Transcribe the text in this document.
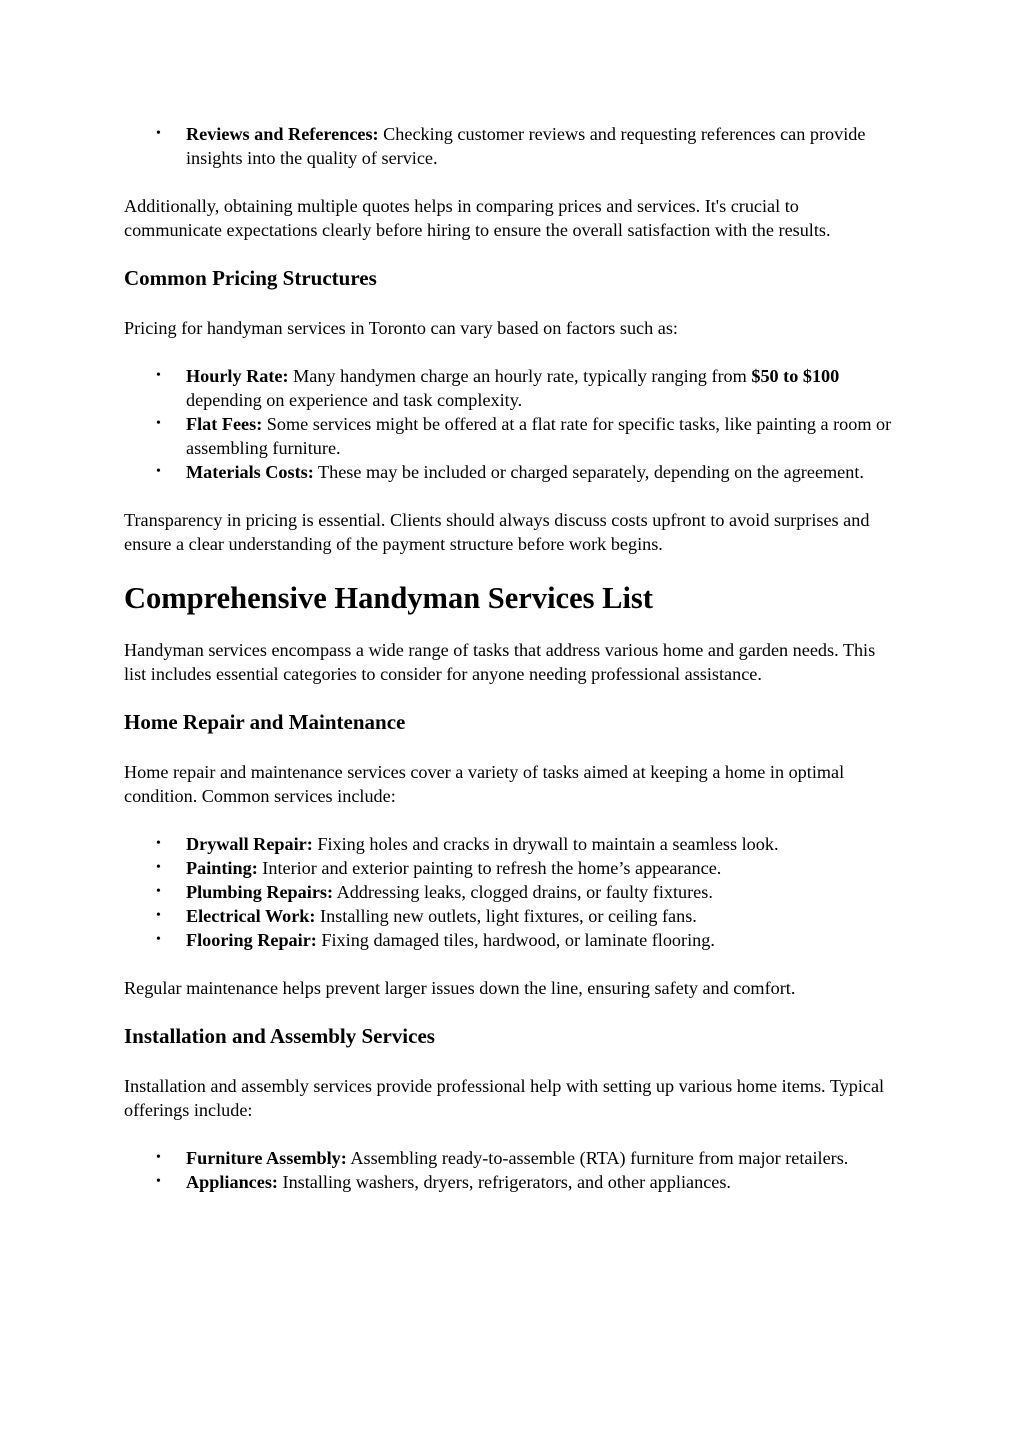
• Reviews and References: Checking customer reviews and requesting references can provide insights into the quality of service.

Additionally, obtaining multiple quotes helps in comparing prices and services. It's crucial to communicate expectations clearly before hiring to ensure the overall satisfaction with the results.

Common Pricing Structures

Pricing for handyman services in Toronto can vary based on factors such as:

• Hourly Rate: Many handymen charge an hourly rate, typically ranging from $50 to $100 depending on experience and task complexity.
• Flat Fees: Some services might be offered at a flat rate for specific tasks, like painting a room or assembling furniture.
• Materials Costs: These may be included or charged separately, depending on the agreement.

Transparency in pricing is essential. Clients should always discuss costs upfront to avoid surprises and ensure a clear understanding of the payment structure before work begins.

Comprehensive Handyman Services List

Handyman services encompass a wide range of tasks that address various home and garden needs. This list includes essential categories to consider for anyone needing professional assistance.

Home Repair and Maintenance

Home repair and maintenance services cover a variety of tasks aimed at keeping a home in optimal condition. Common services include:

• Drywall Repair: Fixing holes and cracks in drywall to maintain a seamless look.
• Painting: Interior and exterior painting to refresh the home’s appearance.
• Plumbing Repairs: Addressing leaks, clogged drains, or faulty fixtures.
• Electrical Work: Installing new outlets, light fixtures, or ceiling fans.
• Flooring Repair: Fixing damaged tiles, hardwood, or laminate flooring.

Regular maintenance helps prevent larger issues down the line, ensuring safety and comfort.

Installation and Assembly Services

Installation and assembly services provide professional help with setting up various home items. Typical offerings include:

• Furniture Assembly: Assembling ready-to-assemble (RTA) furniture from major retailers.
• Appliances: Installing washers, dryers, refrigerators, and other appliances.
